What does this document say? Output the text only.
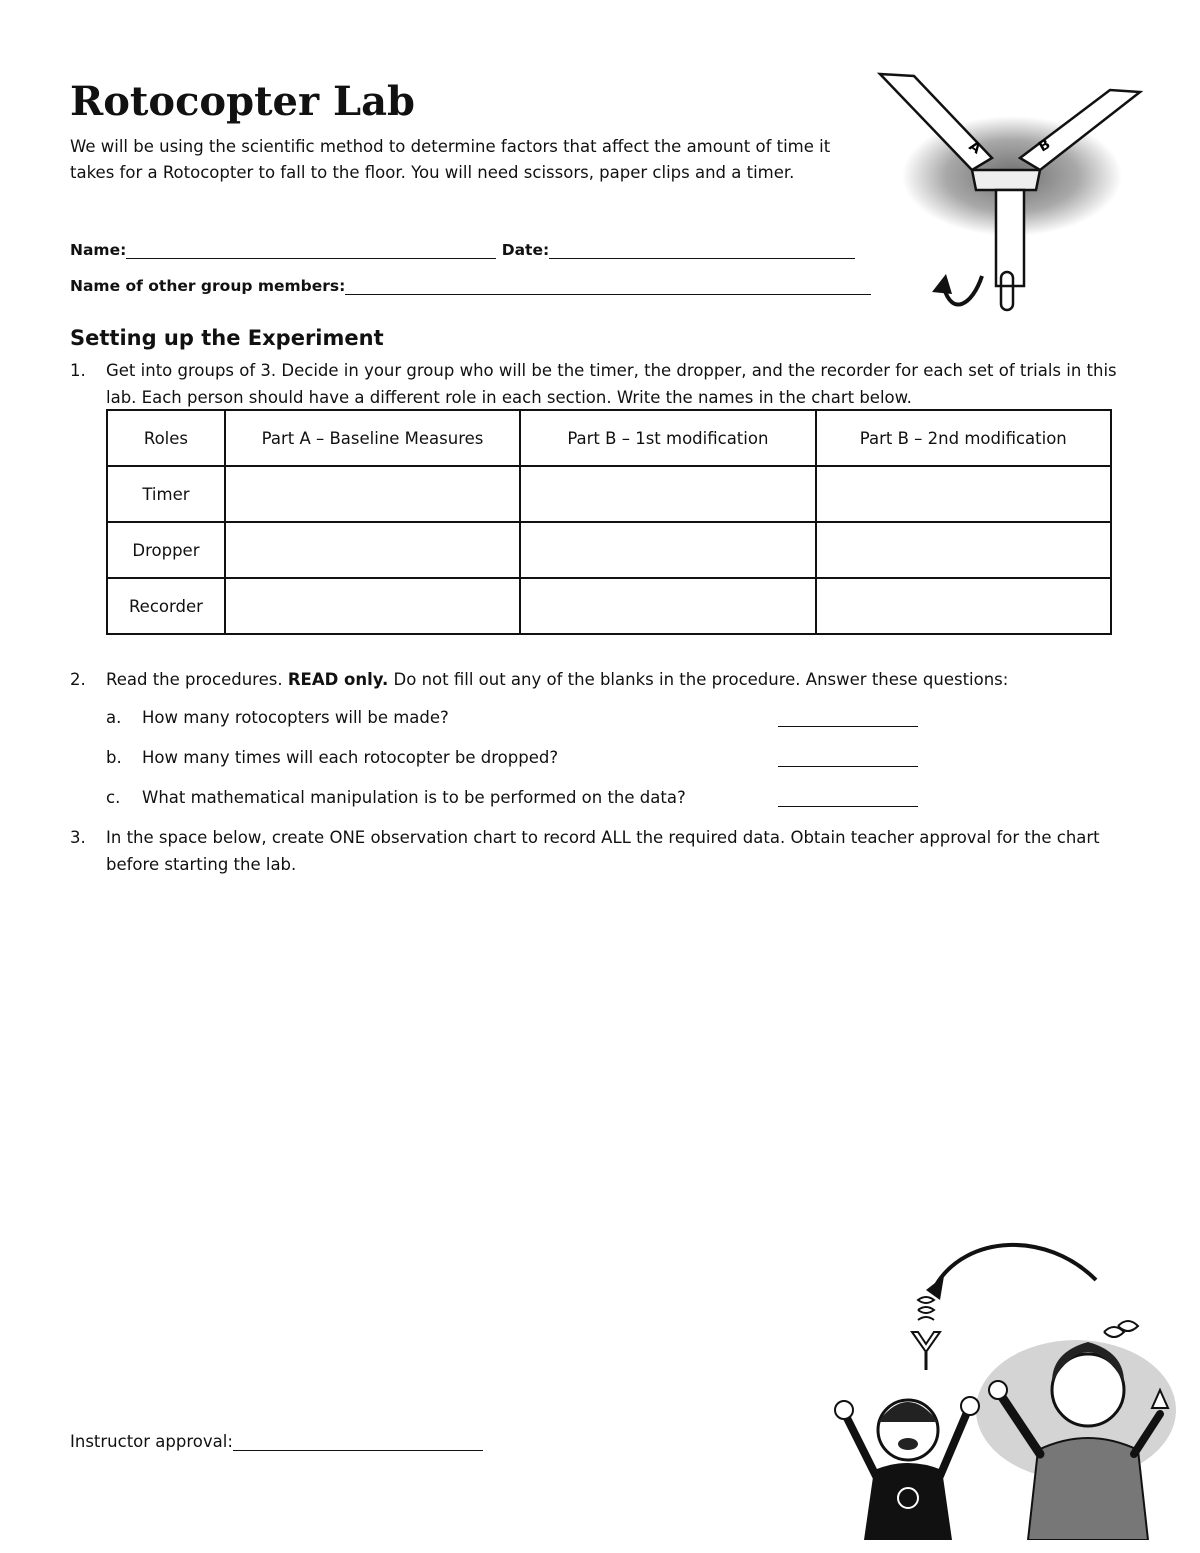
Rotocopter Lab

We will be using the scientific method to determine factors that affect the amount of time it takes for a Rotocopter to fall to the floor. You will need scissors, paper clips and a timer.

Name:	Date:
Name of other group members:
A	B
Setting up the Experiment
1. Get into groups of 3. Decide in your group who will be the timer, the dropper, and the recorder for each set of trials in this lab. Each person should have a different role in each section. Write the names in the chart below.
Roles	Part A – Baseline Measures	Part B – 1st modification	Part B – 2nd modification
Timer			
Dropper			
Recorder			
2. Read the procedures. READ only. Do not fill out any of the blanks in the procedure. Answer these questions:
a. How many rotocopters will be made?
b. How many times will each rotocopter be dropped?
c. What mathematical manipulation is to be performed on the data?
3. In the space below, create ONE observation chart to record ALL the required data. Obtain teacher approval for the chart before starting the lab.
Instructor approval:
